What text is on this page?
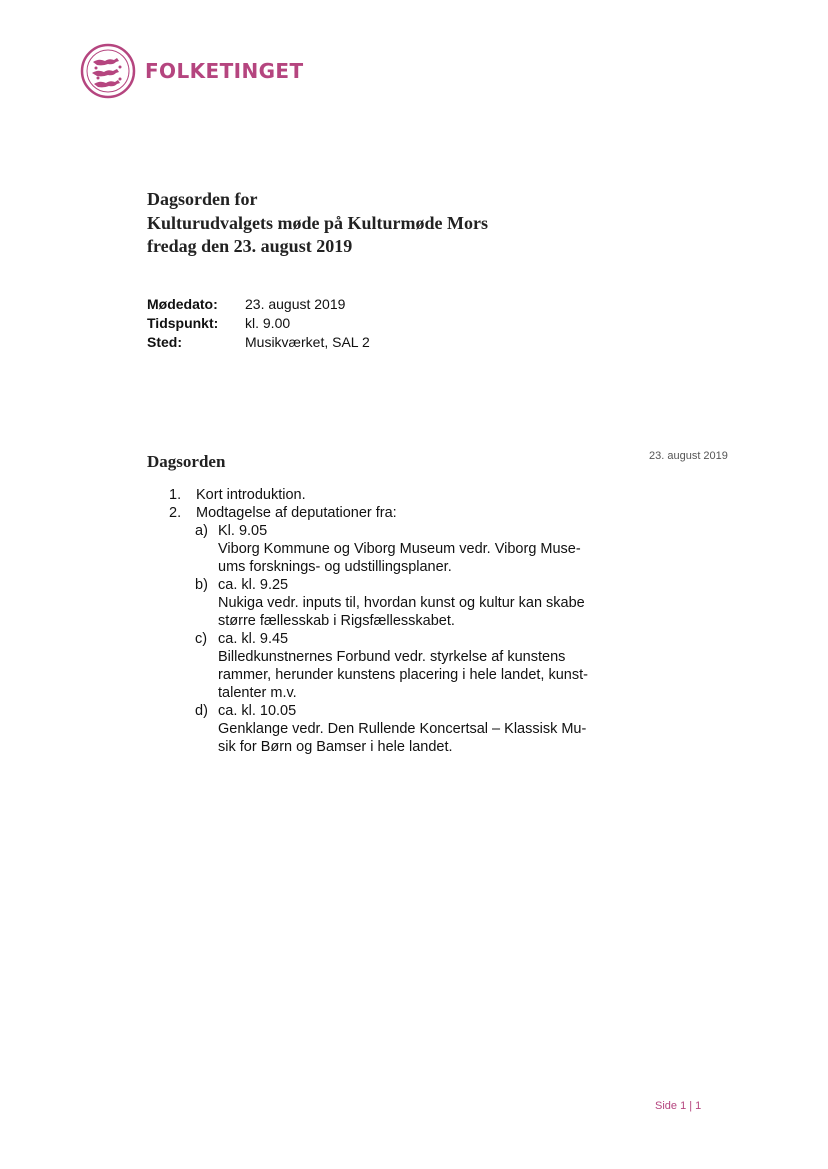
FOLKETINGET
Dagsorden for
Kulturudvalgets møde på Kulturmøde Mors
fredag den 23. august 2019
Mødedato:	23. august 2019
Tidspunkt:	kl. 9.00
Sted:	Musikværket, SAL 2
Dagsorden	23. august 2019
1.	Kort introduktion.
2.	Modtagelse af deputationer fra:
a) Kl. 9.05
Viborg Kommune og Viborg Museum vedr. Viborg Muse-
ums forsknings- og udstillingsplaner.
b) ca. kl. 9.25
Nukiga vedr. inputs til, hvordan kunst og kultur kan skabe
større fællesskab i Rigsfællesskabet.
c) ca. kl. 9.45
Billedkunstnernes Forbund vedr. styrkelse af kunstens
rammer, herunder kunstens placering i hele landet, kunst-
talenter m.v.
d) ca. kl. 10.05
Genklange vedr. Den Rullende Koncertsal – Klassisk Mu-
sik for Børn og Bamser i hele landet.
Side 1 | 1
